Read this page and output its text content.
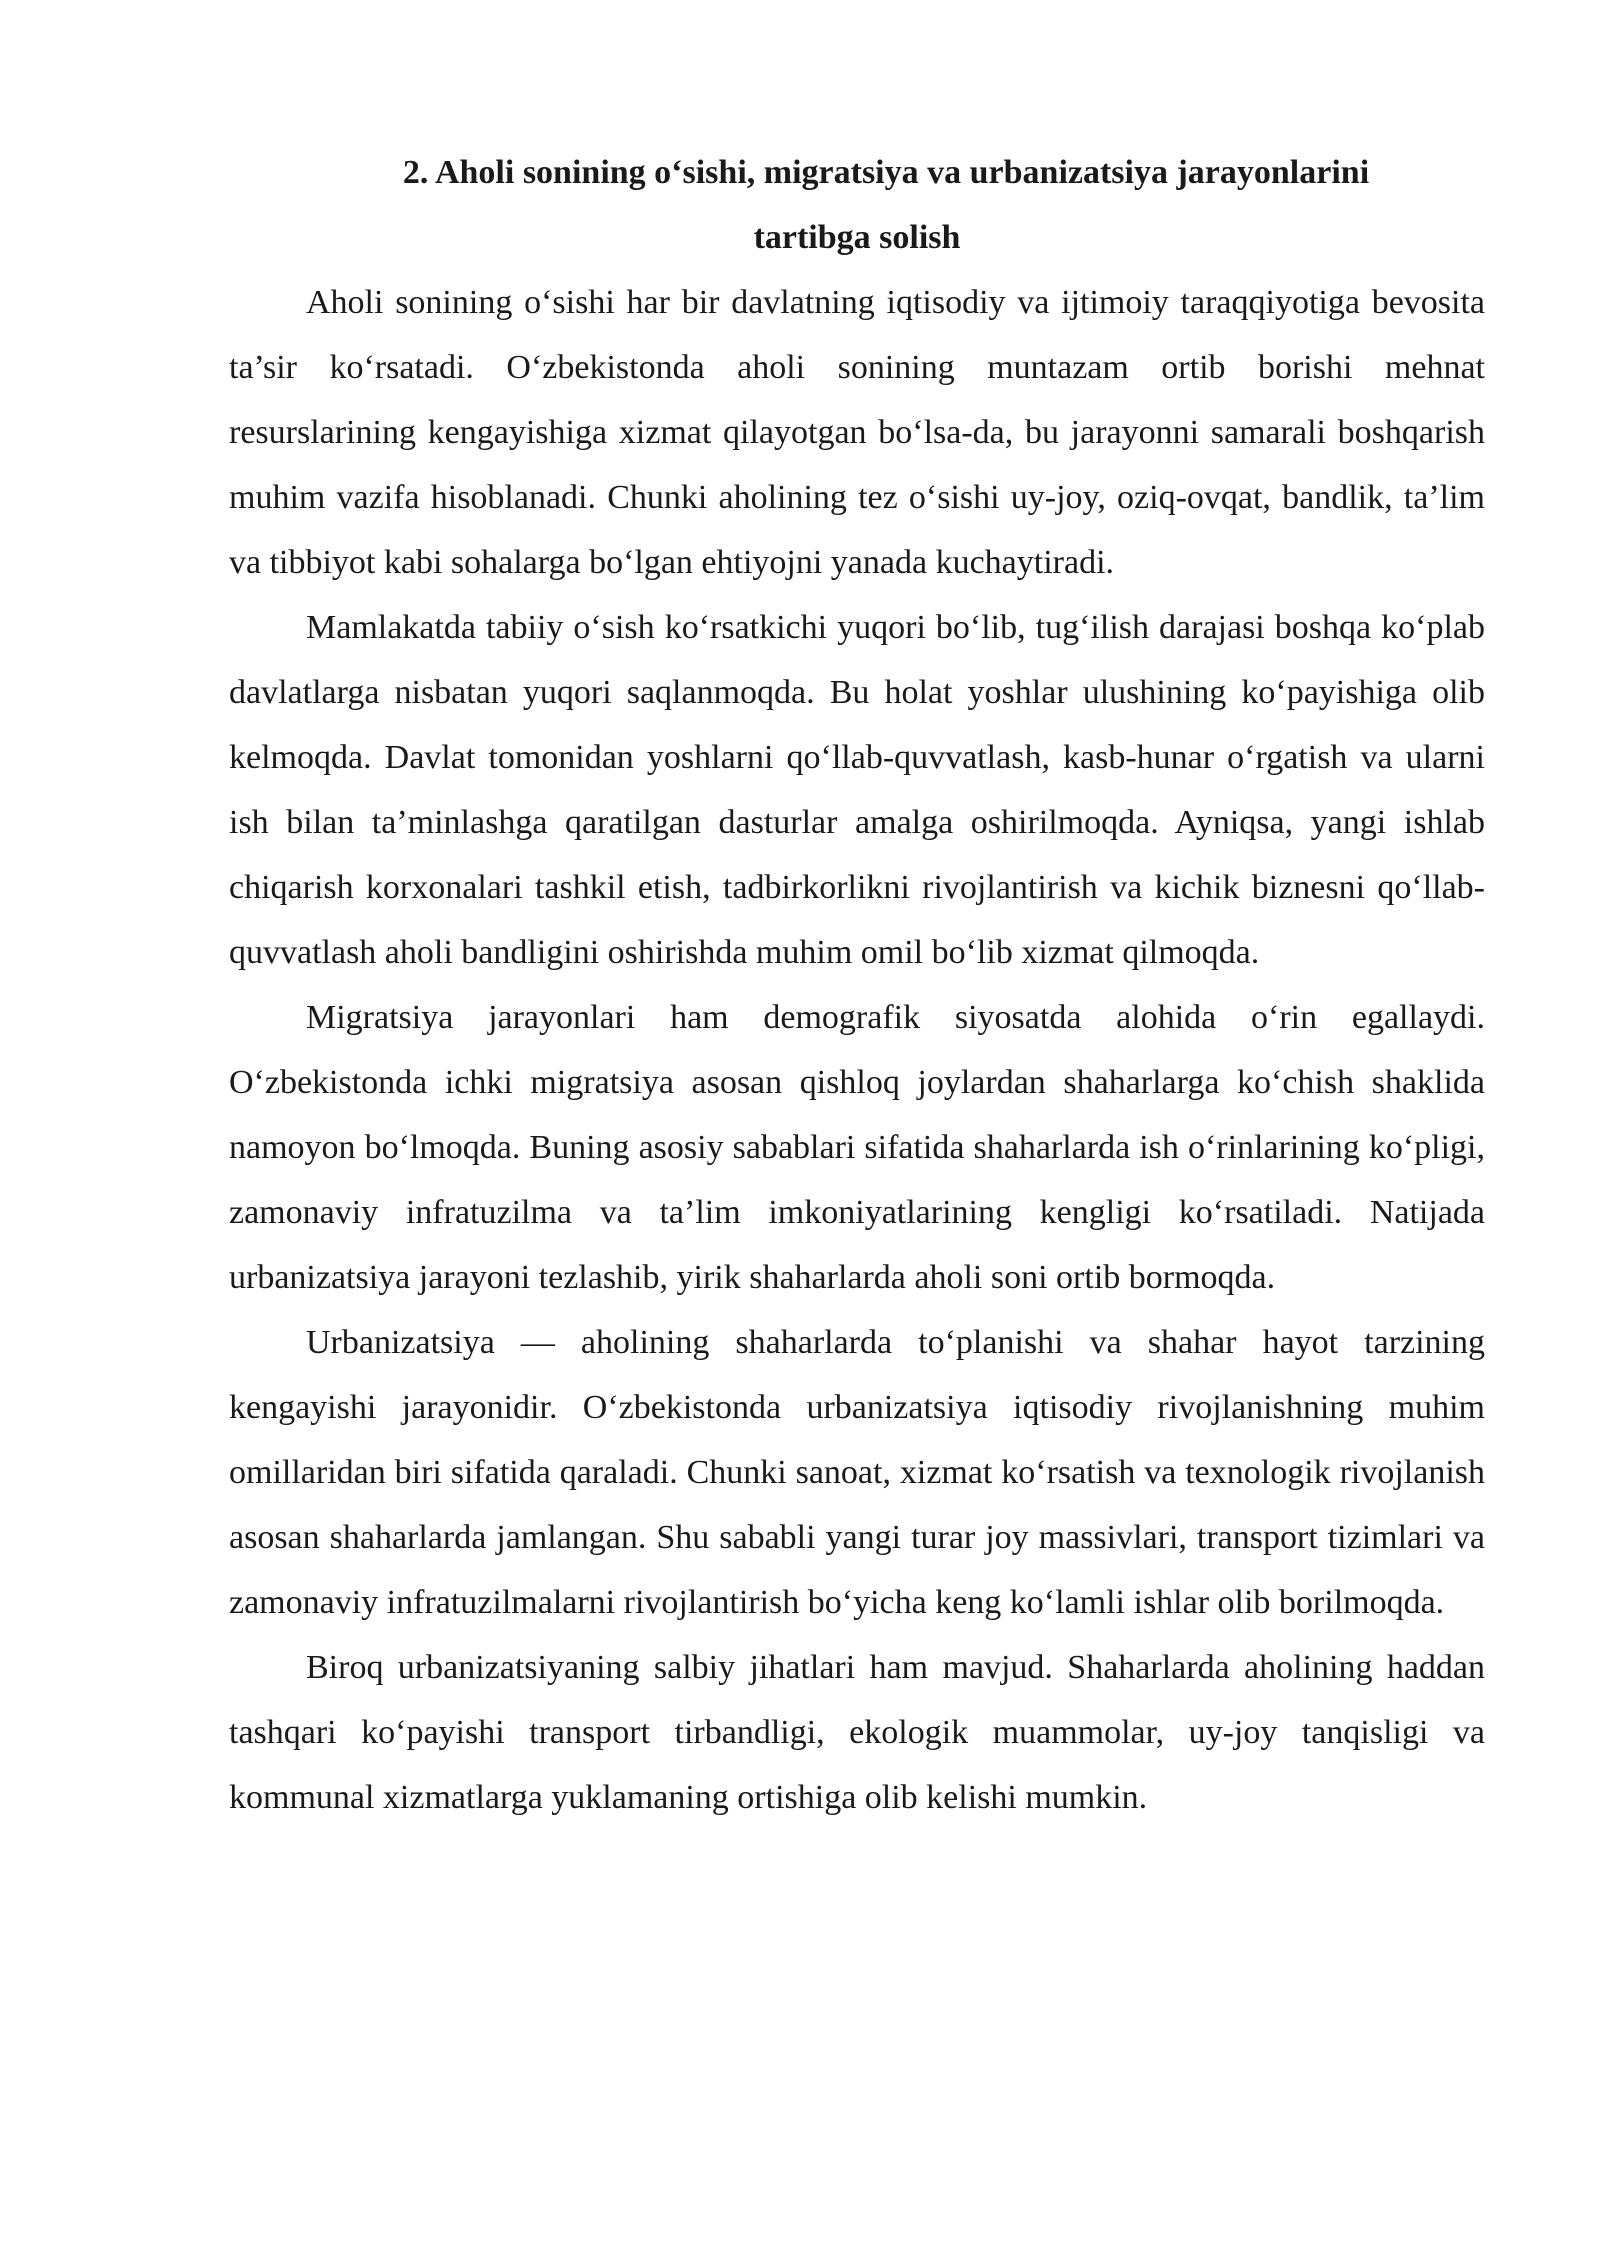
2. Aholi sonining o‘sishi, migratsiya va urbanizatsiya jarayonlarini
tartibga solish

Aholi sonining o‘sishi har bir davlatning iqtisodiy va ijtimoiy taraqqiyotiga bevosita ta’sir ko‘rsatadi. O‘zbekistonda aholi sonining muntazam ortib borishi mehnat resurslarining kengayishiga xizmat qilayotgan bo‘lsa-da, bu jarayonni samarali boshqarish muhim vazifa hisoblanadi. Chunki aholining tez o‘sishi uy-joy, oziq-ovqat, bandlik, ta’lim va tibbiyot kabi sohalarga bo‘lgan ehtiyojni yanada kuchaytiradi.

Mamlakatda tabiiy o‘sish ko‘rsatkichi yuqori bo‘lib, tug‘ilish darajasi boshqa ko‘plab davlatlarga nisbatan yuqori saqlanmoqda. Bu holat yoshlar ulushining ko‘payishiga olib kelmoqda. Davlat tomonidan yoshlarni qo‘llab-quvvatlash, kasb-hunar o‘rgatish va ularni ish bilan ta’minlashga qaratilgan dasturlar amalga oshirilmoqda. Ayniqsa, yangi ishlab chiqarish korxonalari tashkil etish, tadbirkorlikni rivojlantirish va kichik biznesni qo‘llab-quvvatlash aholi bandligini oshirishda muhim omil bo‘lib xizmat qilmoqda.

Migratsiya jarayonlari ham demografik siyosatda alohida o‘rin egallaydi. O‘zbekistonda ichki migratsiya asosan qishloq joylardan shaharlarga ko‘chish shaklida namoyon bo‘lmoqda. Buning asosiy sabablari sifatida shaharlarda ish o‘rinlarining ko‘pligi, zamonaviy infratuzilma va ta’lim imkoniyatlarining kengligi ko‘rsatiladi. Natijada urbanizatsiya jarayoni tezlashib, yirik shaharlarda aholi soni ortib bormoqda.

Urbanizatsiya — aholining shaharlarda to‘planishi va shahar hayot tarzining kengayishi jarayonidir. O‘zbekistonda urbanizatsiya iqtisodiy rivojlanishning muhim omillaridan biri sifatida qaraladi. Chunki sanoat, xizmat ko‘rsatish va texnologik rivojlanish asosan shaharlarda jamlangan. Shu sababli yangi turar joy massivlari, transport tizimlari va zamonaviy infratuzilmalarni rivojlantirish bo‘yicha keng ko‘lamli ishlar olib borilmoqda.

Biroq urbanizatsiyaning salbiy jihatlari ham mavjud. Shaharlarda aholining haddan tashqari ko‘payishi transport tirbandligi, ekologik muammolar, uy-joy tanqisligi va kommunal xizmatlarga yuklamaning ortishiga olib kelishi mumkin.
